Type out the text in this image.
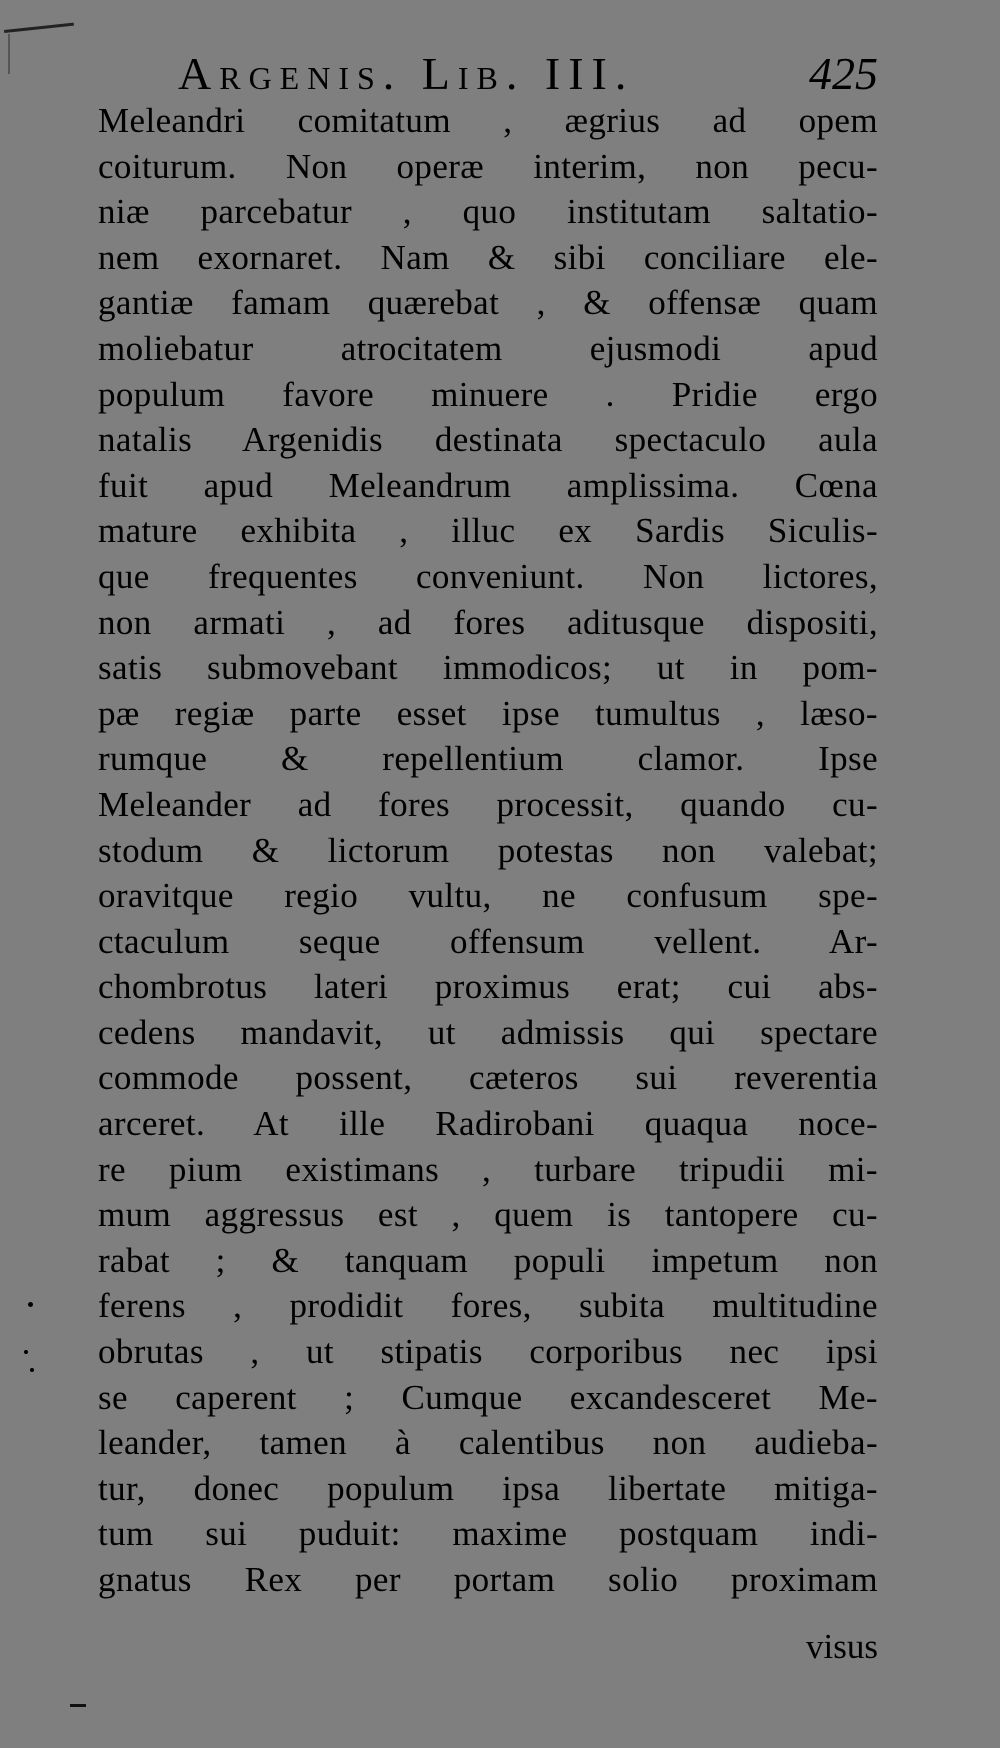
Argenis. Lib. III.	425
Meleandri comitatum , ægrius ad opem
coiturum. Non operæ interim, non pecu-
niæ parcebatur , quo institutam saltatio-
nem exornaret. Nam & sibi conciliare ele-
gantiæ famam quærebat , & offensæ quam
moliebatur atrocitatem ejusmodi apud
populum favore minuere . Pridie ergo
natalis Argenidis destinata spectaculo aula
fuit apud Meleandrum amplissima. Cœna
mature exhibita , illuc ex Sardis Siculis-
que frequentes conveniunt. Non lictores,
non armati , ad fores aditusque dispositi,
satis submovebant immodicos; ut in pom-
pæ regiæ parte esset ipse tumultus , læso-
rumque & repellentium clamor. Ipse
Meleander ad fores processit, quando cu-
stodum & lictorum potestas non valebat;
oravitque regio vultu, ne confusum spe-
ctaculum seque offensum vellent. Ar-
chombrotus lateri proximus erat; cui abs-
cedens mandavit, ut admissis qui spectare
commode possent, cæteros sui reverentia
arceret. At ille Radirobani quaqua noce-
re pium existimans , turbare tripudii mi-
mum aggressus est , quem is tantopere cu-
rabat ; & tanquam populi impetum non
ferens , prodidit fores, subita multitudine
obrutas , ut stipatis corporibus nec ipsi
se caperent ; Cumque excandesceret Me-
leander, tamen à calentibus non audieba-
tur, donec populum ipsa libertate mitiga-
tum sui puduit: maxime postquam indi-
gnatus Rex per portam solio proximam
visus
